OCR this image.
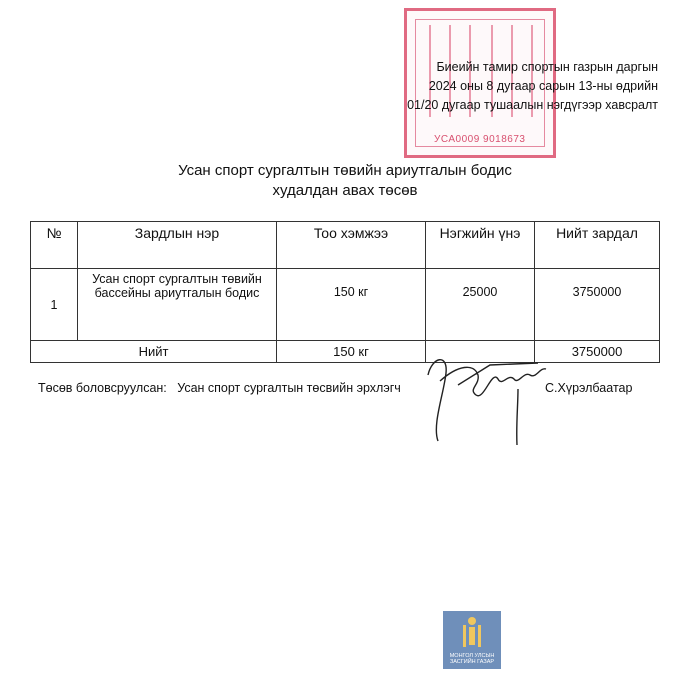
УСА0009 9018673
Биеийн тамир спортын газрын даргын
2024 оны 8 дугаар сарын 13-ны өдрийн
01/20 дугаар тушаалын нэгдүгээр хавсралт
Усан спорт сургалтын төвийн ариутгалын бодис
худалдан авах төсөв
№	Зардлын нэр	Тоо хэмжээ	Нэгжийн үнэ	Нийт зардал
1	Усан спорт сургалтын төвийн бассейны ариутгалын бодис	150 кг	25000	3750000
Нийт		150 кг		3750000
Төсөв боловсруулсан: Усан спорт сургалтын төсвийн эрхлэгч	С.Хүрэлбаатар
МОНГОЛ УЛСЫН
ЗАСГИЙН ГАЗАР
